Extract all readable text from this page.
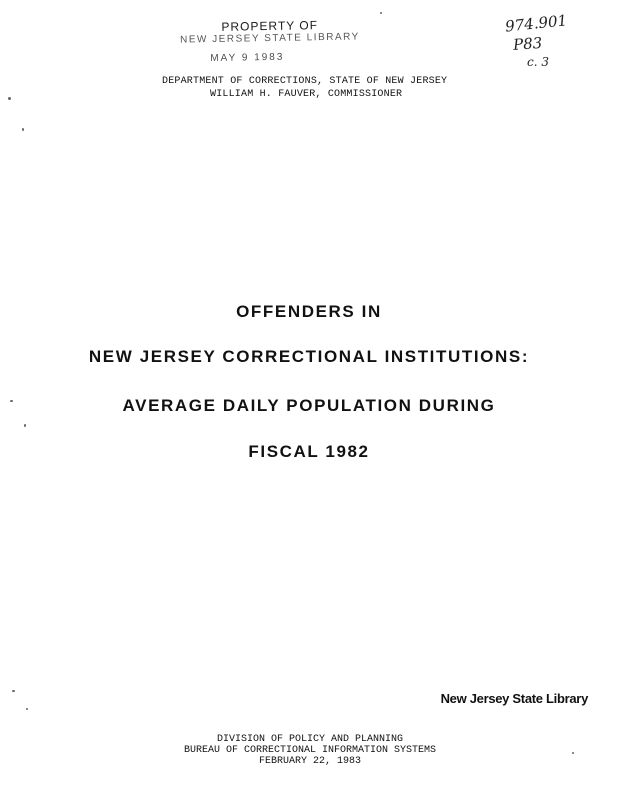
PROPERTY OF
NEW JERSEY STATE LIBRARY
MAY 9 1983
974.901
P83
c. 3
DEPARTMENT OF CORRECTIONS, STATE OF NEW JERSEY
WILLIAM H. FAUVER, COMMISSIONER
OFFENDERS IN
NEW JERSEY CORRECTIONAL INSTITUTIONS:
AVERAGE DAILY POPULATION DURING
FISCAL 1982
New Jersey State Library
DIVISION OF POLICY AND PLANNING
BUREAU OF CORRECTIONAL INFORMATION SYSTEMS
FEBRUARY 22, 1983
